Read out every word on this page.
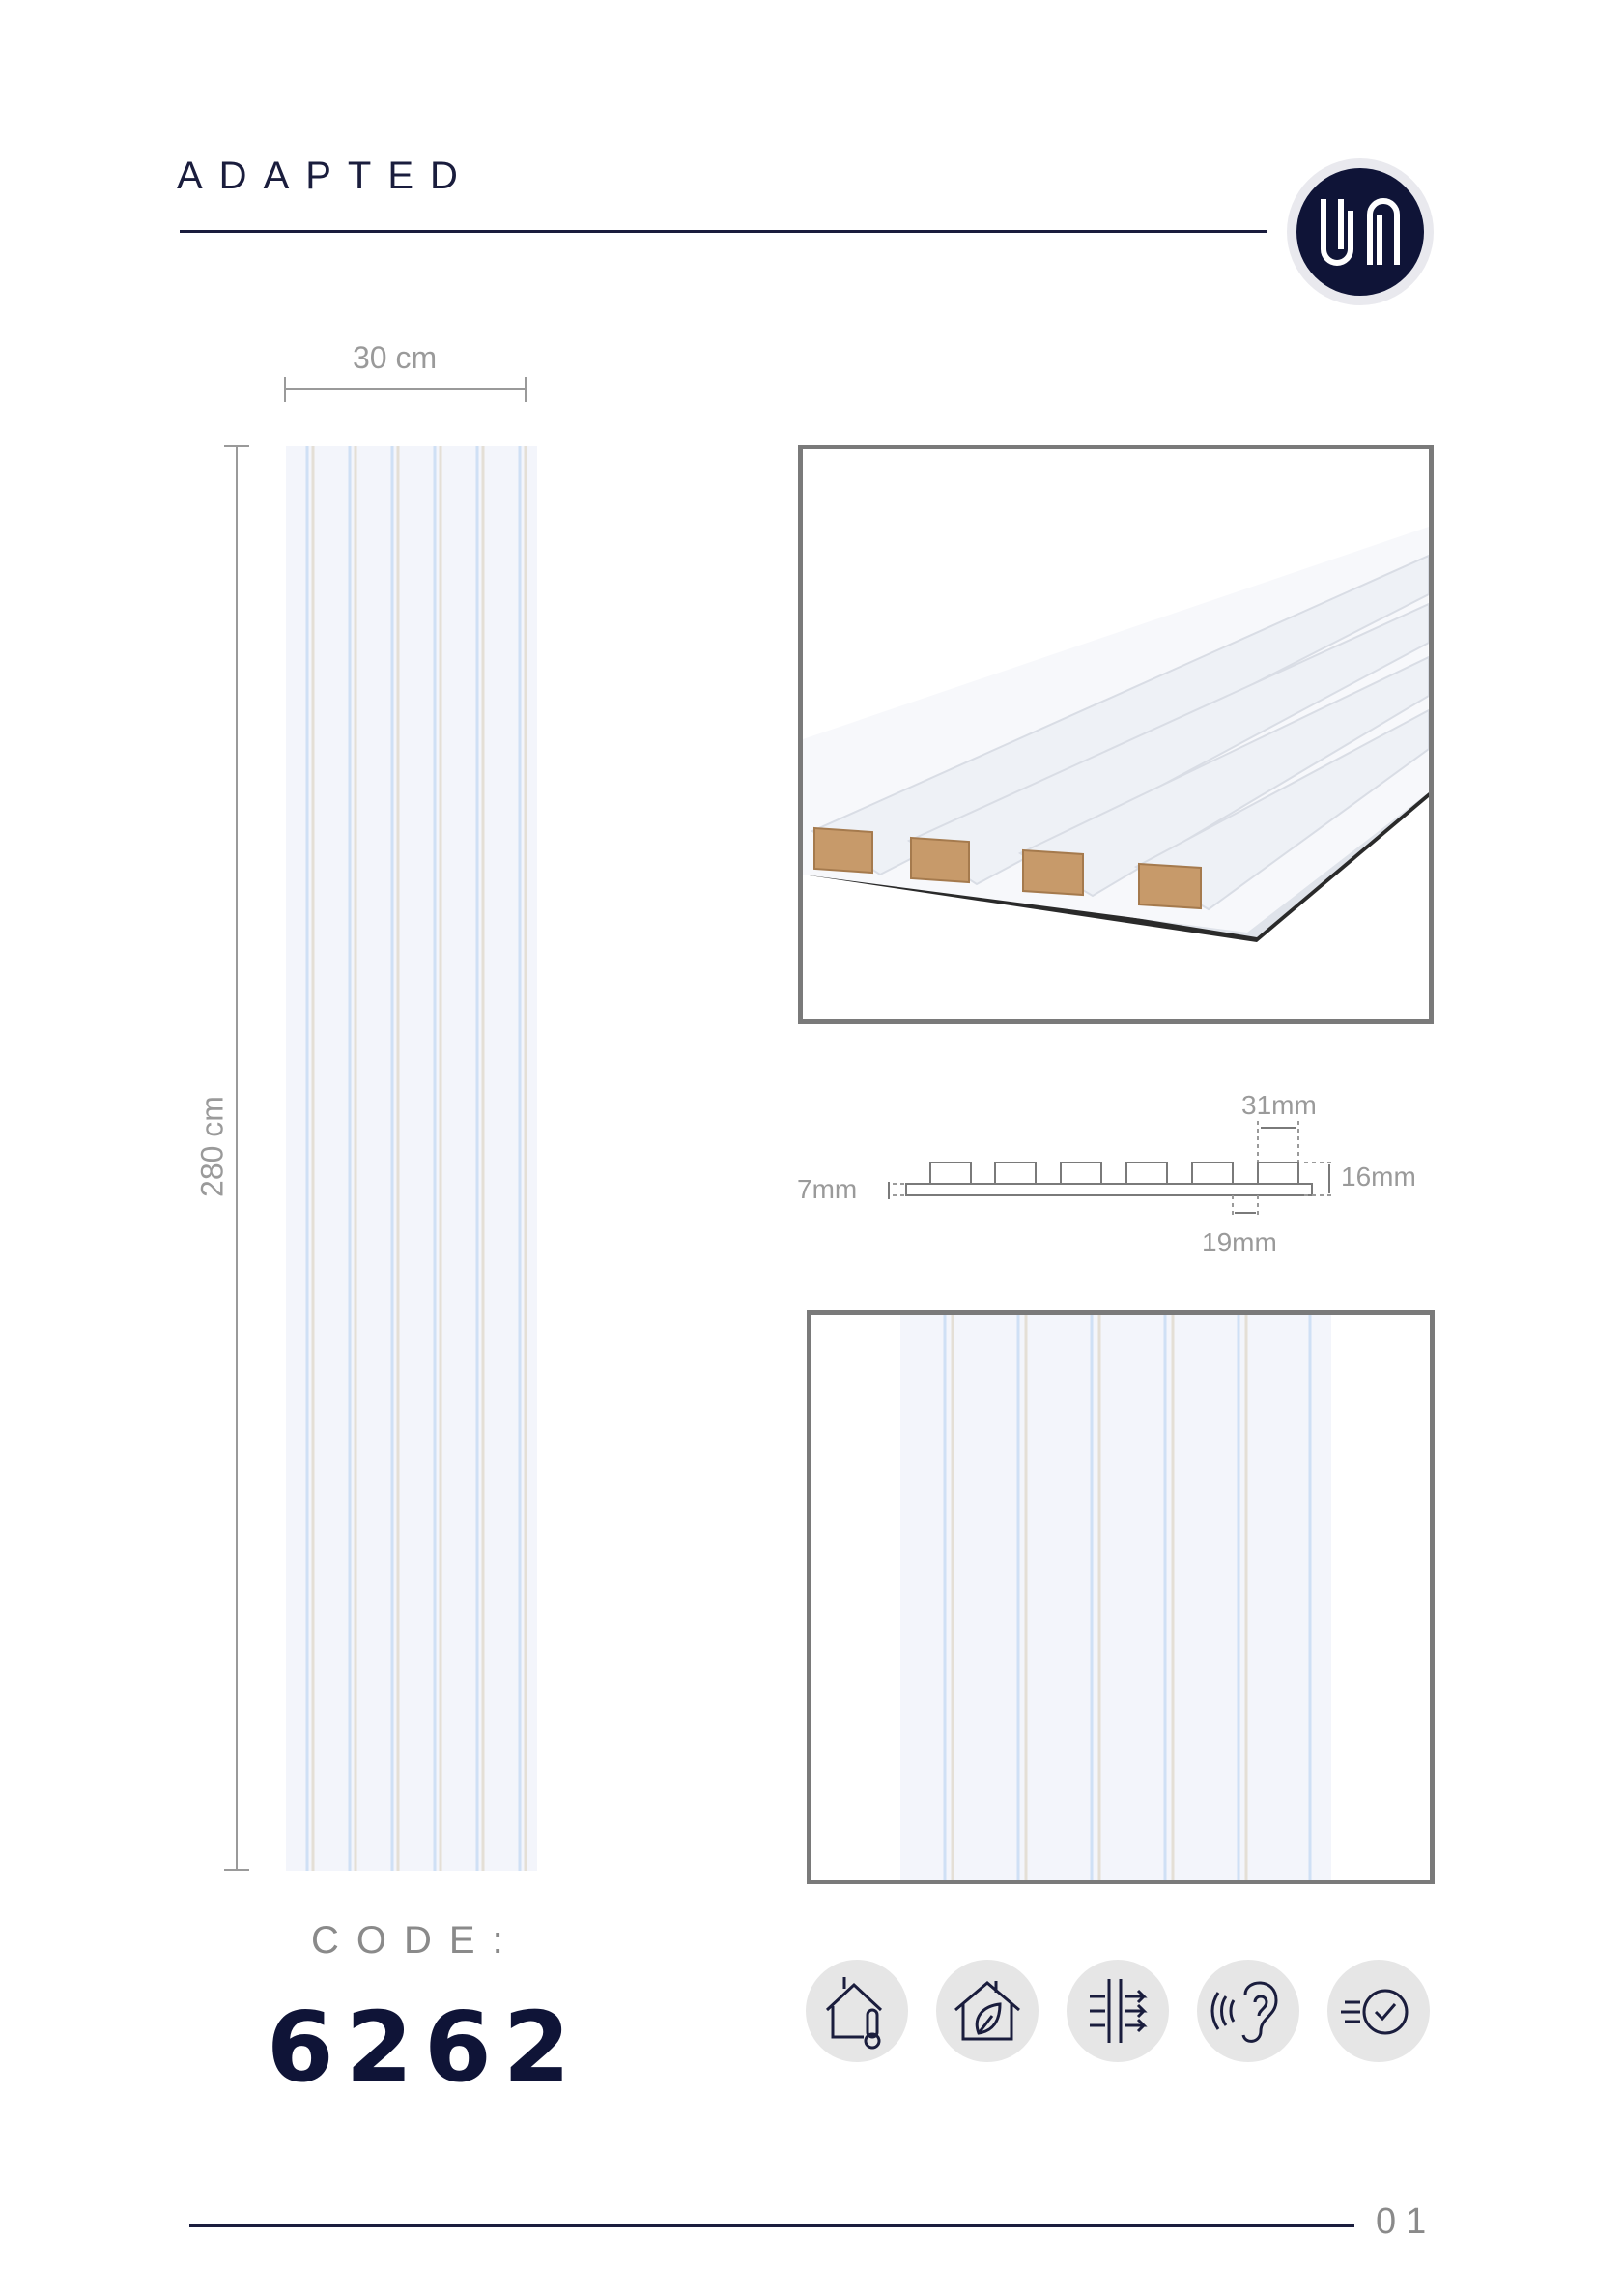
ADAPTED
30 cm
280 cm	31mm
16mm
7mm
19mm
CODE:
6262
01
